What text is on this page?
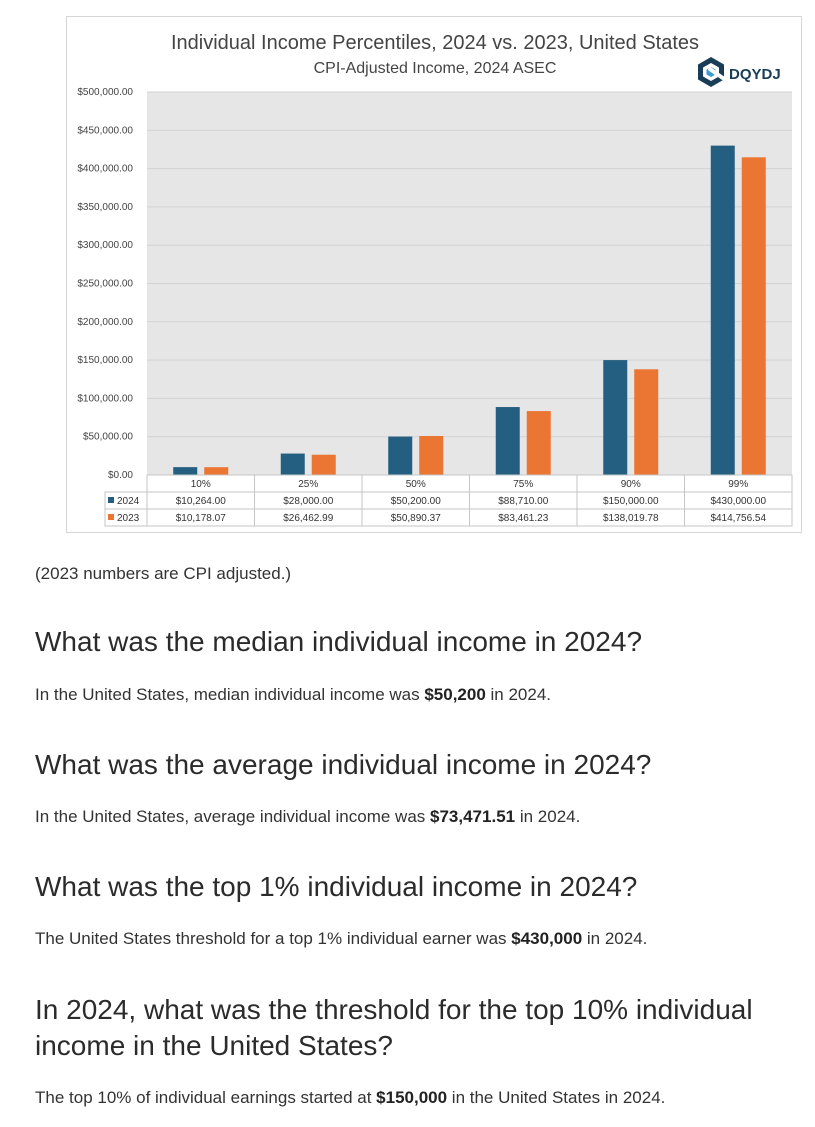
Individual Income Percentiles, 2024 vs. 2023, United States
CPI-Adjusted Income, 2024 ASEC	DQYDJ
$0.00
$50,000.00
$100,000.00
$150,000.00
$200,000.00
$250,000.00
$300,000.00
$350,000.00
$400,000.00
$450,000.00
$500,000.00
10%
$10,264.00
$10,178.07
25%
$28,000.00
$26,462.99
50%
$50,200.00
$50,890.37
75%
$88,710.00
$83,461.23
90%
$150,000.00
$138,019.78
99%
$430,000.00
$414,756.54
2024
2023
(2023 numbers are CPI adjusted.)
What was the median individual income in 2024?

In the United States, median individual income was $50,200 in 2024.

What was the average individual income in 2024?

In the United States, average individual income was $73,471.51 in 2024.

What was the top 1% individual income in 2024?

The United States threshold for a top 1% individual earner was $430,000 in 2024.

In 2024, what was the threshold for the top 10% individual income in the United States?

The top 10% of individual earnings started at $150,000 in the United States in 2024.
